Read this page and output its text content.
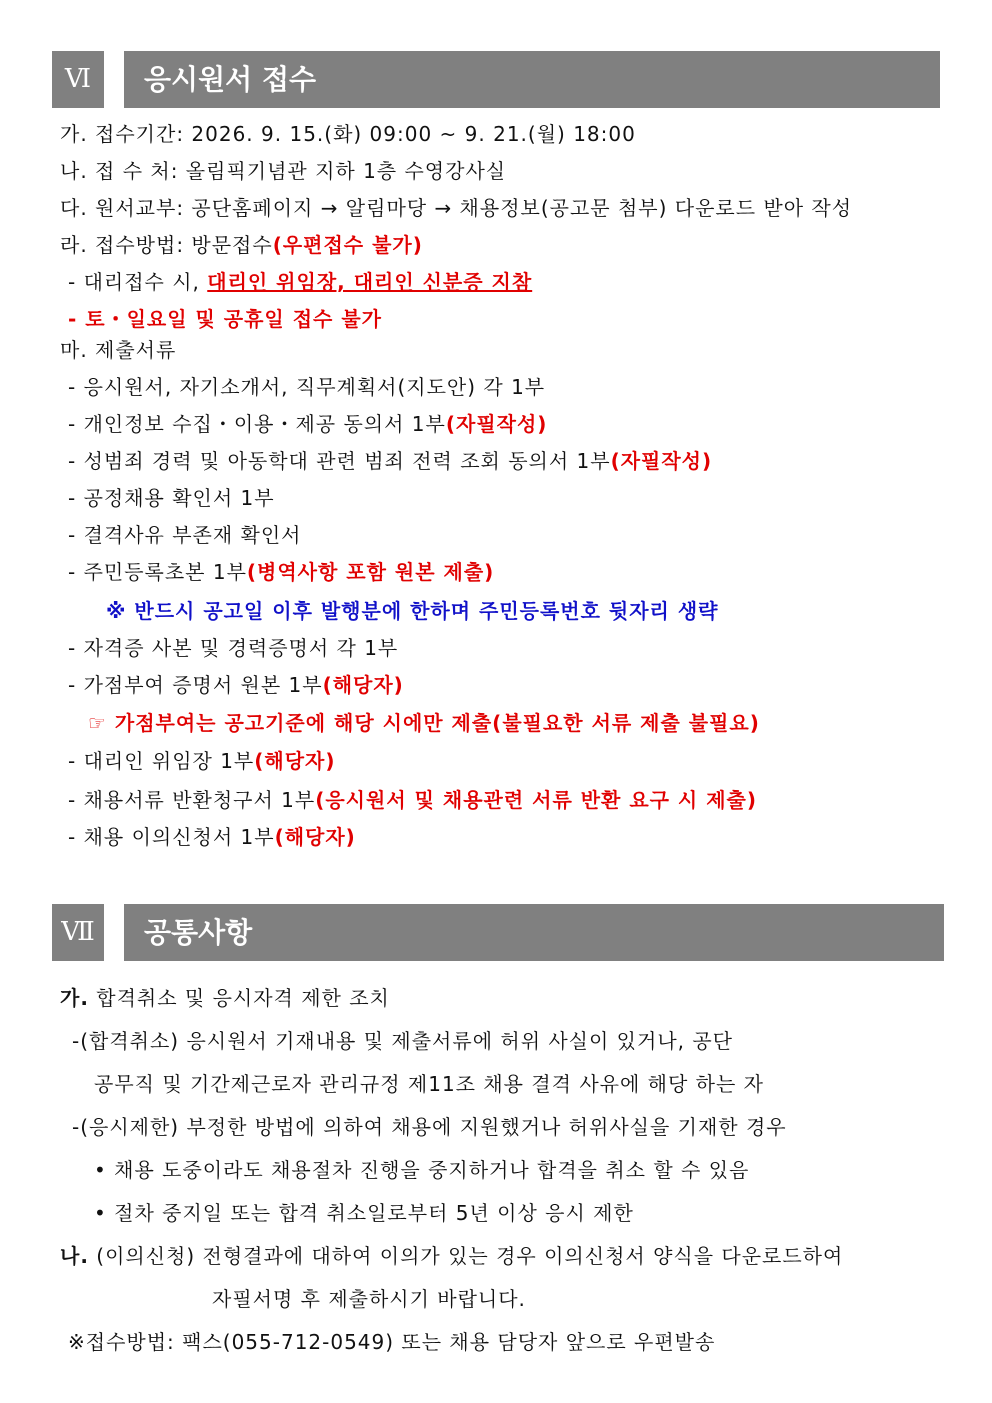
Ⅵ	응시원서 접수
가. 접수기간: 2026. 9. 15.(화) 09:00 ~ 9. 21.(월) 18:00
나. 접 수 처: 올림픽기념관 지하 1층 수영강사실
다. 원서교부: 공단홈페이지 → 알림마당 → 채용정보(공고문 첨부) 다운로드 받아 작성
라. 접수방법: 방문접수(우편접수 불가)
- 대리접수 시, 대리인 위임장, 대리인 신분증 지참
- 토・일요일 및 공휴일 접수 불가
마. 제출서류
- 응시원서, 자기소개서, 직무계획서(지도안) 각 1부
- 개인정보 수집・이용・제공 동의서 1부(자필작성)
- 성범죄 경력 및 아동학대 관련 범죄 전력 조회 동의서 1부(자필작성)
- 공정채용 확인서 1부
- 결격사유 부존재 확인서
- 주민등록초본 1부(병역사항 포함 원본 제출)
※ 반드시 공고일 이후 발행분에 한하며 주민등록번호 뒷자리 생략
- 자격증 사본 및 경력증명서 각 1부
- 가점부여 증명서 원본 1부(해당자)
☞ 가점부여는 공고기준에 해당 시에만 제출(불필요한 서류 제출 불필요)
- 대리인 위임장 1부(해당자)
- 채용서류 반환청구서 1부(응시원서 및 채용관련 서류 반환 요구 시 제출)
- 채용 이의신청서 1부(해당자)
Ⅶ	공통사항
가. 합격취소 및 응시자격 제한 조치
-(합격취소) 응시원서 기재내용 및 제출서류에 허위 사실이 있거나, 공단
공무직 및 기간제근로자 관리규정 제11조 채용 결격 사유에 해당 하는 자
-(응시제한) 부정한 방법에 의하여 채용에 지원했거나 허위사실을 기재한 경우
• 채용 도중이라도 채용절차 진행을 중지하거나 합격을 취소 할 수 있음
• 절차 중지일 또는 합격 취소일로부터 5년 이상 응시 제한
나. (이의신청) 전형결과에 대하여 이의가 있는 경우 이의신청서 양식을 다운로드하여
자필서명 후 제출하시기 바랍니다.
※접수방법: 팩스(055-712-0549) 또는 채용 담당자 앞으로 우편발송
